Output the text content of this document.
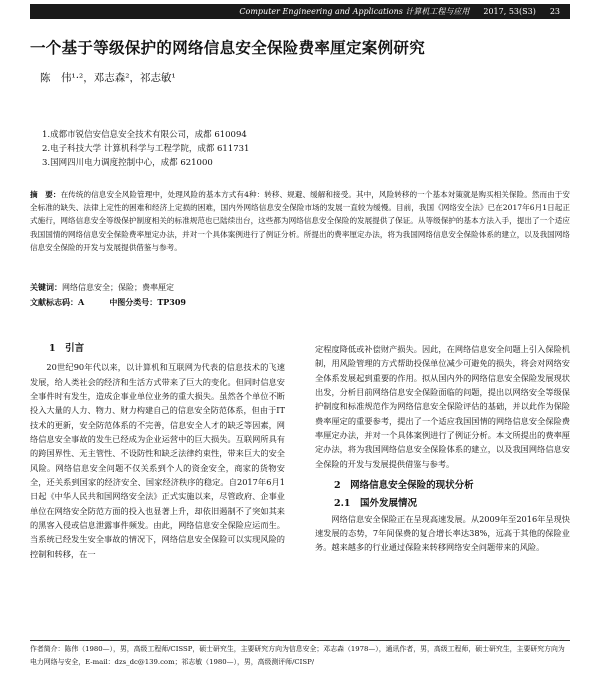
Computer Engineering and Applications 计算机工程与应用 2017, 53(S3) 23
一个基于等级保护的网络信息安全保险费率厘定案例研究
陈　伟¹·²，邓志森²，祁志敏¹
1.成都市锐信安信息安全技术有限公司，成都 610094
2.电子科技大学 计算机科学与工程学院，成都 611731
3.国网四川电力调度控制中心，成都 621000
摘　要：在传统的信息安全风险管理中，处理风险的基本方式有4种：转移、规避、缓解和接受。其中，风险转移的一个基本対策就是购买相关保险。然而由于安全标准的缺失、法律上定性的困难和经济上定损的困难，国内外网络信息安全保险市场的发展一直较为缓慢。目前，我国《网络安全法》已在2017年6月1日起正式施行，网络信息安全等级保护制度相关的标准规范也已陆续出台，这些都为网络信息安全保险的发展提供了保证。从等级保护的基本方法入手，提出了一个适应我国国情的网络信息安全保险费率厘定办法，并对一个具体案例进行了例证分析。所提出的费率厘定办法，将为我国网络信息安全保险体系的建立，以及我国网络信息安全保险的开发与发展提供借鉴与参考。
关键词：网络信息安全；保险；费率厘定
文献标志码：A	中图分类号：TP309

1　引言

20世纪90年代以来，以计算机和互联网为代表的信息技术的飞速发展，给人类社会的经济和生活方式带来了巨大的变化。但同时信息安全事件时有发生，造成企事业单位业务的重大损失。虽然各个单位不断投入大量的人力、物力、财力构建自己的信息安全防范体系，但由于IT技术的更新，安全防范体系的不完善，信息安全人才的缺乏等因素，网络信息安全事故的发生已经成为企业运营中的巨大损失。互联网所具有的跨国界性、无主管性、不设防性和缺乏法律约束性，带来巨大的安全风险。网络信息安全问题不仅关系到个人的资金安全，商家的货物安全，还关系到国家的经济安全、国家经济秩序的稳定。自2017年6月1日起《中华人民共和国网络安全法》正式实施以来，尽管政府、企事业单位在网络安全防范方面的投入也显著上升，却依旧遏制不了突如其来的黑客入侵或信息泄露事件频发。由此，网络信息安全保险应运而生。当系统已经发生安全事故的情况下，网络信息安全保险可以实现风险的控制和转移，在一

定程度降低或补偿财产损失。因此，在网络信息安全问题上引入保险机制，用风险管理的方式帮助投保单位减少可避免的损失，将会对网络安全体系发展起到重要的作用。拟从国内外的网络信息安全保险发展现状出发，分析目前网络信息安全保险面临的问题，提出以网络安全等级保护制度和标准规范作为网络信息安全保险评估的基础，并以此作为保险费率厘定的重要参考，提出了一个适应我国国情的网络信息安全保险费率厘定办法，并对一个具体案例进行了例证分析。本文所提出的费率厘定办法，将为我国网络信息安全保险体系的建立，以及我国网络信息安全保险的开发与发展提供借鉴与参考。

2　网络信息安全保险的现状分析

2.1　国外发展情况

网络信息安全保险正在呈现高速发展。从2009年至2016年呈现快速发展的态势，7年间保费的复合增长率达38%，远高于其他的保险业务。越来越多的行业通过保险来转移网络安全问题带来的风险。

作者简介：陈伟（1980—），男，高级工程师/CISSP，硕士研究生，主要研究方向为信息安全；邓志森（1978—），通讯作者，男，高级工程师，硕士研究生，主要研究方向为电力网络与安全，E-mail：dzs_dc@139.com；祁志敏（1980—），男，高级测评师/CISP/
